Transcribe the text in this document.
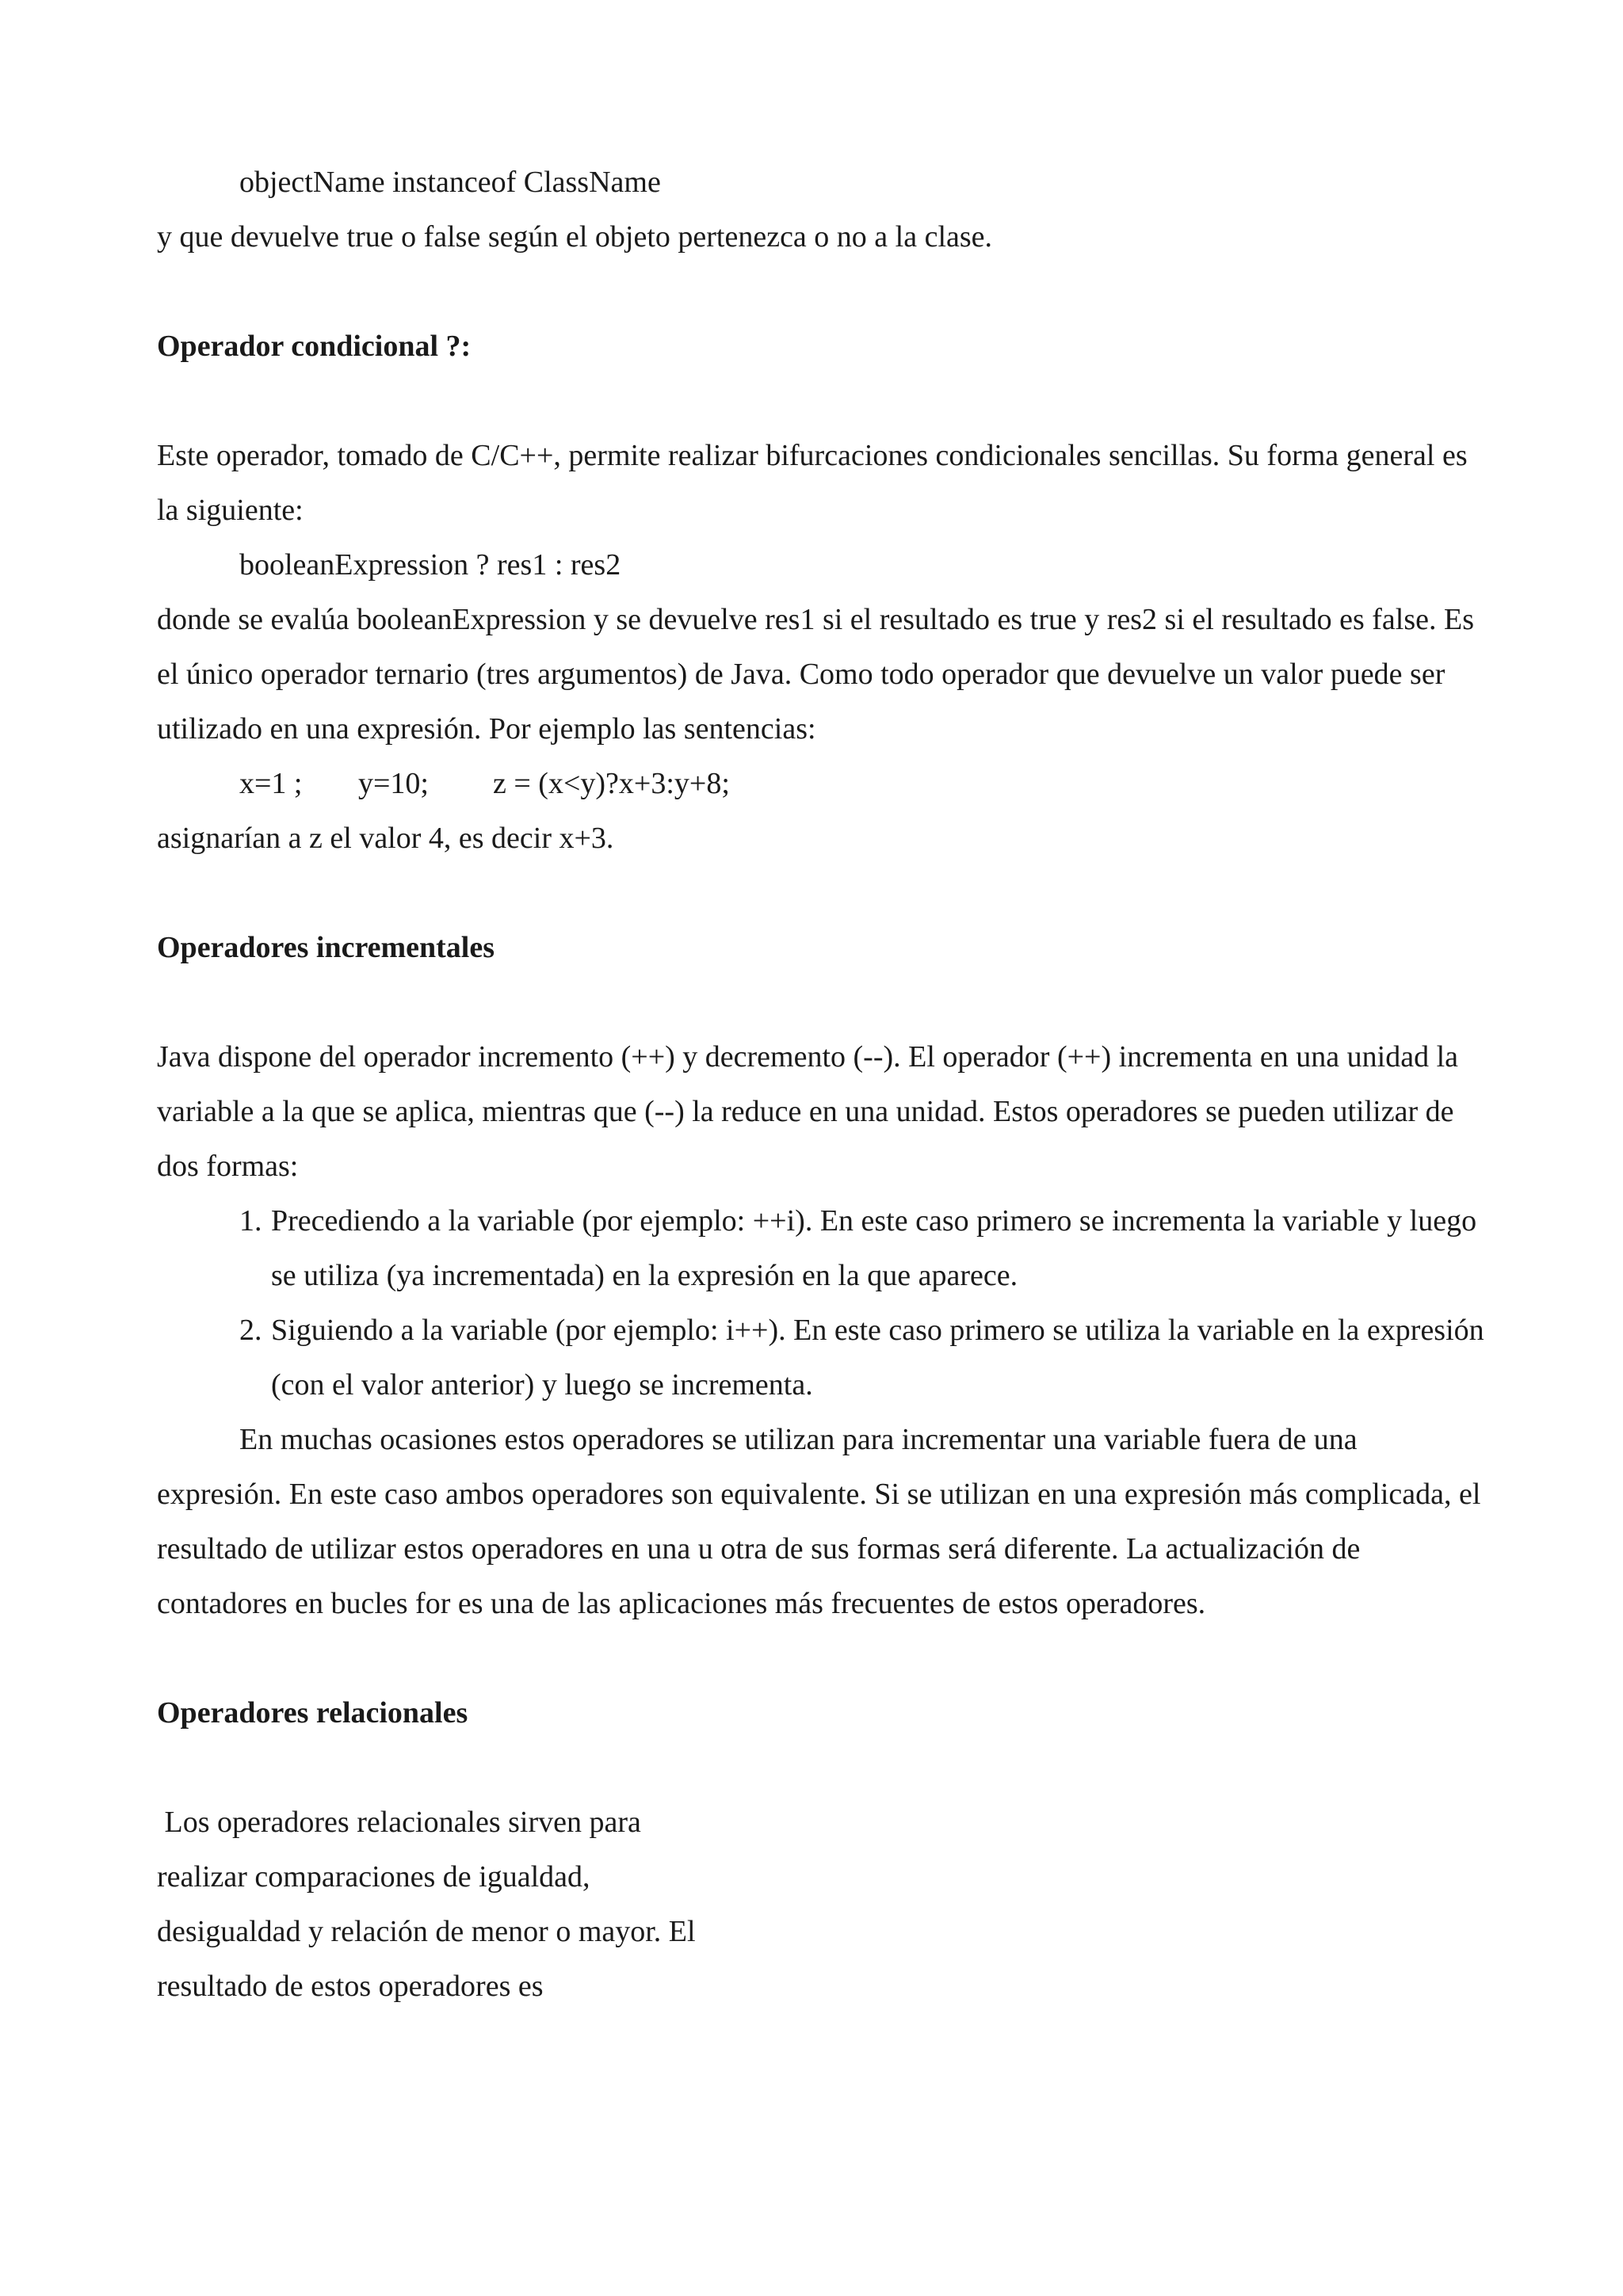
objectName instanceof ClassName

y que devuelve true o false según el objeto pertenezca o no a la clase.

Operador condicional ?:

Este operador, tomado de C/C++, permite realizar bifurcaciones condicionales sencillas. Su forma general es la siguiente:

booleanExpression ? res1 : res2

donde se evalúa booleanExpression y se devuelve res1 si el resultado es true y res2 si el resultado es false. Es el único operador ternario (tres argumentos) de Java. Como todo operador que devuelve un valor puede ser utilizado en una expresión. Por ejemplo las sentencias:

x=1 ; y=10; z = (x<y)?x+3:y+8;

asignarían a z el valor 4, es decir x+3.

Operadores incrementales

Java dispone del operador incremento (++) y decremento (--). El operador (++) incrementa en una unidad la variable a la que se aplica, mientras que (--) la reduce en una unidad. Estos operadores se pueden utilizar de dos formas:

1. Precediendo a la variable (por ejemplo: ++i). En este caso primero se incrementa la variable y luego se utiliza (ya incrementada) en la expresión en la que aparece.
2. Siguiendo a la variable (por ejemplo: i++). En este caso primero se utiliza la variable en la expresión (con el valor anterior) y luego se incrementa.

En muchas ocasiones estos operadores se utilizan para incrementar una variable fuera de una expresión. En este caso ambos operadores son equivalente. Si se utilizan en una expresión más complicada, el resultado de utilizar estos operadores en una u otra de sus formas será diferente. La actualización de contadores en bucles for es una de las aplicaciones más frecuentes de estos operadores.

Operadores relacionales

Los operadores relacionales sirven para realizar comparaciones de igualdad, desigualdad y relación de menor o mayor. El resultado de estos operadores es
